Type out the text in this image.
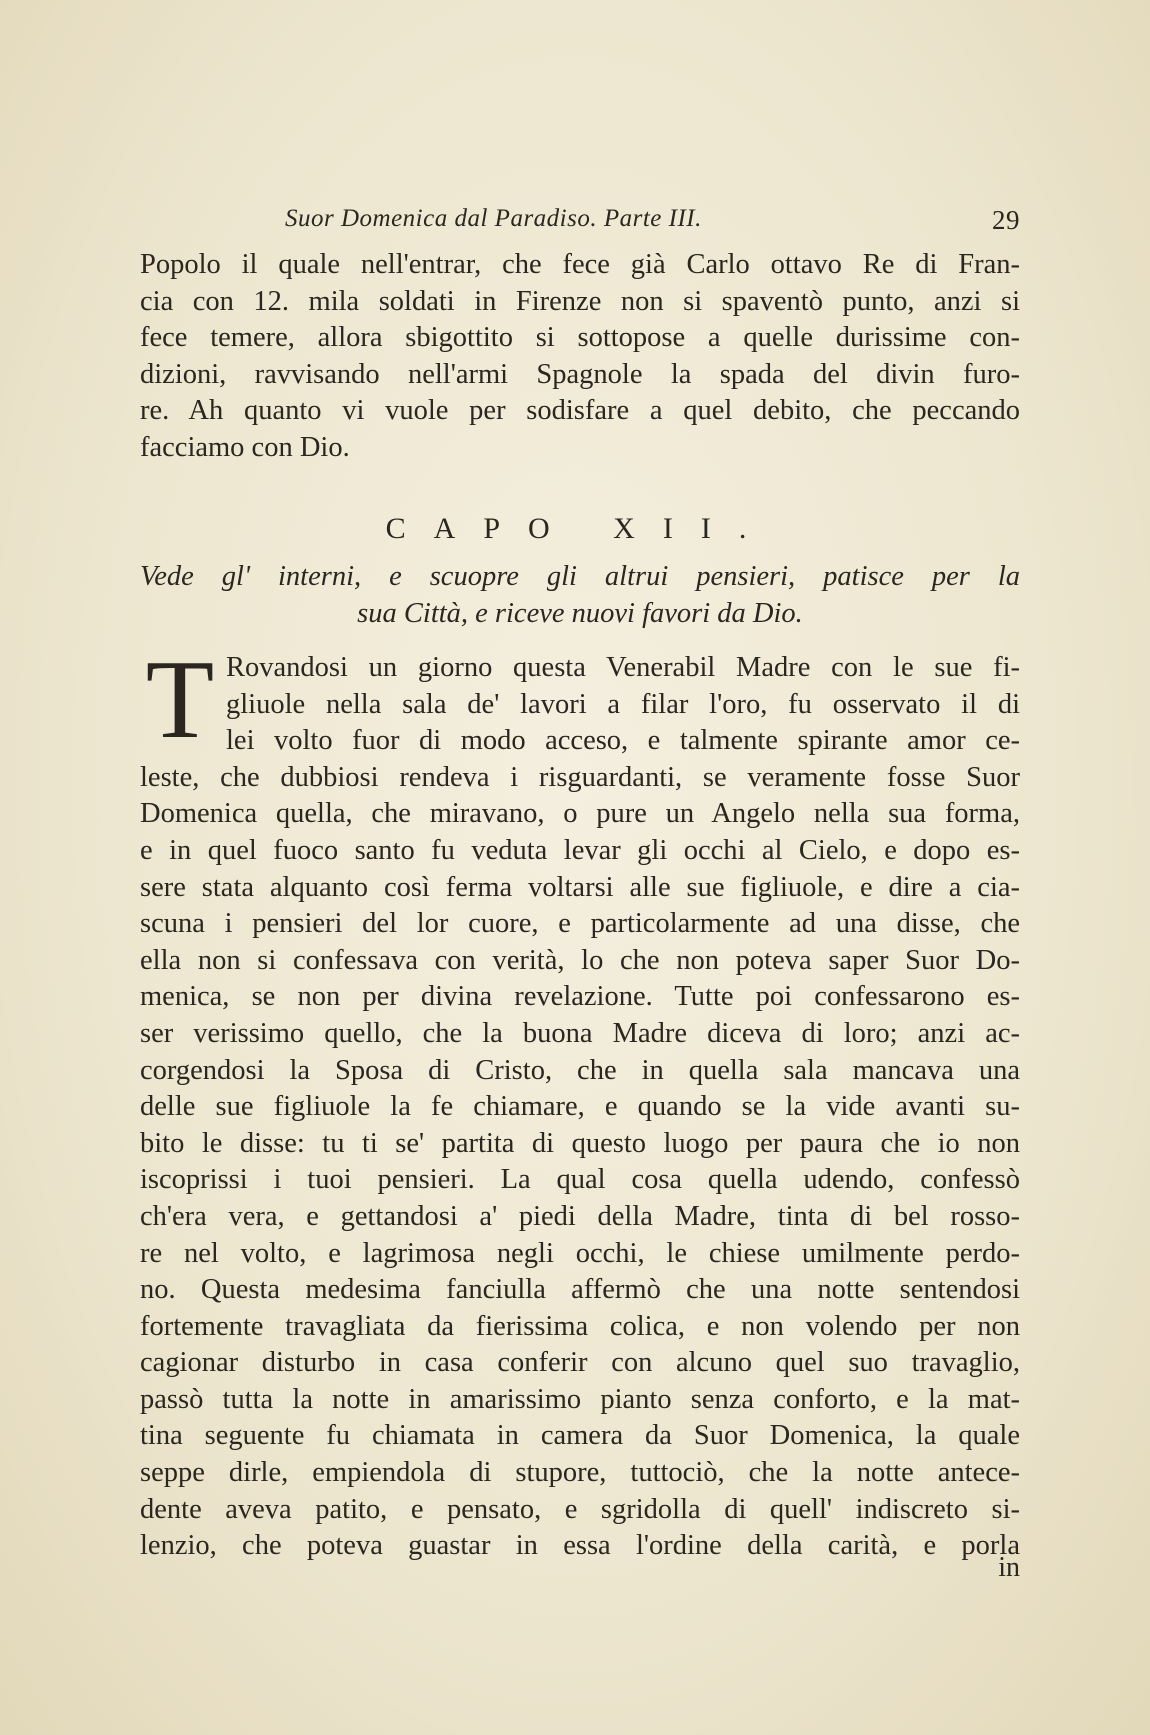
Suor Domenica dal Paradiso. Parte III.	29
Popolo il quale nell'entrar, che fece già Carlo ottavo Re di Fran-
cia con 12. mila soldati in Firenze non si spaventò punto, anzi si
fece temere, allora sbigottito si sottopose a quelle durissime con-
dizioni, ravvisando nell'armi Spagnole la spada del divin furo-
re. Ah quanto vi vuole per sodisfare a quel debito, che peccando
facciamo con Dio.
CAPO XII.
Vede gl' interni, e scuopre gli altrui pensieri, patisce per la
sua Città, e riceve nuovi favori da Dio.
T Rovandosi un giorno questa Venerabil Madre con le sue fi-
gliuole nella sala de' lavori a filar l'oro, fu osservato il di
lei volto fuor di modo acceso, e talmente spirante amor ce-
leste, che dubbiosi rendeva i risguardanti, se veramente fosse Suor
Domenica quella, che miravano, o pure un Angelo nella sua forma,
e in quel fuoco santo fu veduta levar gli occhi al Cielo, e dopo es-
sere stata alquanto così ferma voltarsi alle sue figliuole, e dire a cia-
scuna i pensieri del lor cuore, e particolarmente ad una disse, che
ella non si confessava con verità, lo che non poteva saper Suor Do-
menica, se non per divina revelazione. Tutte poi confessarono es-
ser verissimo quello, che la buona Madre diceva di loro; anzi ac-
corgendosi la Sposa di Cristo, che in quella sala mancava una
delle sue figliuole la fe chiamare, e quando se la vide avanti su-
bito le disse: tu ti se' partita di questo luogo per paura che io non
iscoprissi i tuoi pensieri. La qual cosa quella udendo, confessò
ch'era vera, e gettandosi a' piedi della Madre, tinta di bel rosso-
re nel volto, e lagrimosa negli occhi, le chiese umilmente perdo-
no. Questa medesima fanciulla affermò che una notte sentendosi
fortemente travagliata da fierissima colica, e non volendo per non
cagionar disturbo in casa conferir con alcuno quel suo travaglio,
passò tutta la notte in amarissimo pianto senza conforto, e la mat-
tina seguente fu chiamata in camera da Suor Domenica, la quale
seppe dirle, empiendola di stupore, tuttociò, che la notte antece-
dente aveva patito, e pensato, e sgridolla di quell' indiscreto si-
lenzio, che poteva guastar in essa l'ordine della carità, e porla
in
